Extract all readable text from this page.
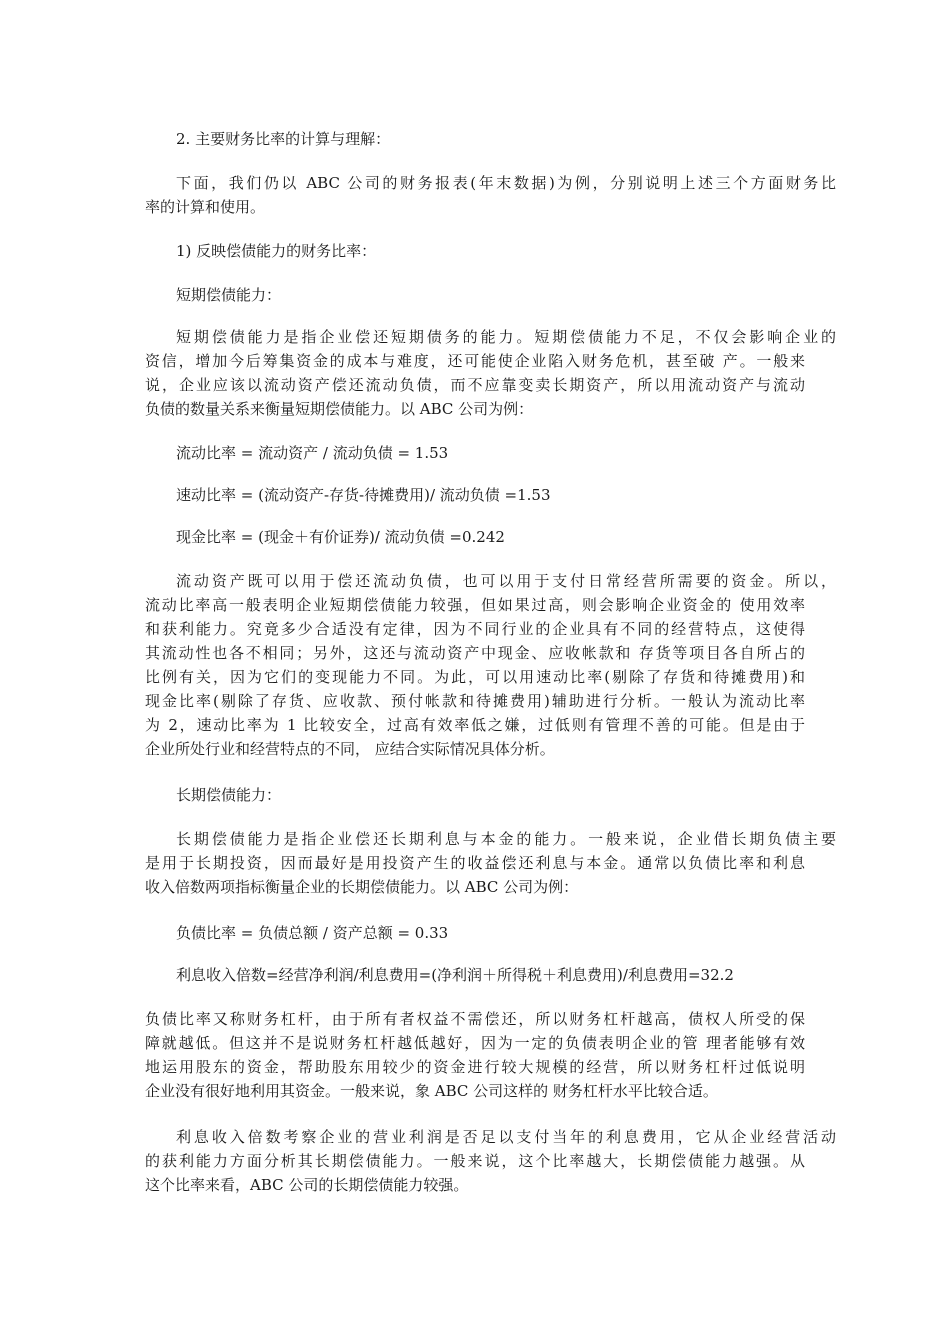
2. 主要财务比率的计算与理解：
下面，我们仍以 ABC 公司的财务报表(年末数据)为例，分别说明上述三个方面财务比
率的计算和使用。
1) 反映偿债能力的财务比率：
短期偿债能力：
短期偿债能力是指企业偿还短期债务的能力。短期偿债能力不足，不仅会影响企业的
资信，增加今后筹集资金的成本与难度，还可能使企业陷入财务危机，甚至破 产。一般来
说，企业应该以流动资产偿还流动负债，而不应靠变卖长期资产，所以用流动资产与流动
负债的数量关系来衡量短期偿债能力。以 ABC 公司为例：
流动比率 = 流动资产 / 流动负债 = 1.53
速动比率 = (流动资产-存货-待摊费用)/ 流动负债 =1.53
现金比率 = (现金＋有价证券)/ 流动负债 =0.242
流动资产既可以用于偿还流动负债，也可以用于支付日常经营所需要的资金。所以，
流动比率高一般表明企业短期偿债能力较强，但如果过高，则会影响企业资金的 使用效率
和获利能力。究竟多少合适没有定律，因为不同行业的企业具有不同的经营特点，这使得
其流动性也各不相同；另外，这还与流动资产中现金、应收帐款和 存货等项目各自所占的
比例有关，因为它们的变现能力不同。为此，可以用速动比率(剔除了存货和待摊费用)和
现金比率(剔除了存货、应收款、预付帐款和待摊费用)辅助进行分析。一般认为流动比率
为 2，速动比率为 1 比较安全，过高有效率低之嫌，过低则有管理不善的可能。但是由于
企业所处行业和经营特点的不同， 应结合实际情况具体分析。
长期偿债能力：
长期偿债能力是指企业偿还长期利息与本金的能力。一般来说，企业借长期负债主要
是用于长期投资，因而最好是用投资产生的收益偿还利息与本金。通常以负债比率和利息
收入倍数两项指标衡量企业的长期偿债能力。以 ABC 公司为例：
负债比率 = 负债总额 / 资产总额 = 0.33
利息收入倍数=经营净利润/利息费用=(净利润＋所得税＋利息费用)/利息费用=32.2
负债比率又称财务杠杆，由于所有者权益不需偿还，所以财务杠杆越高，债权人所受的保
障就越低。但这并不是说财务杠杆越低越好，因为一定的负债表明企业的管 理者能够有效
地运用股东的资金，帮助股东用较少的资金进行较大规模的经营，所以财务杠杆过低说明
企业没有很好地利用其资金。一般来说，象 ABC 公司这样的 财务杠杆水平比较合适。
利息收入倍数考察企业的营业利润是否足以支付当年的利息费用，它从企业经营活动
的获利能力方面分析其长期偿债能力。一般来说，这个比率越大，长期偿债能力越强。从
这个比率来看，ABC 公司的长期偿债能力较强。
